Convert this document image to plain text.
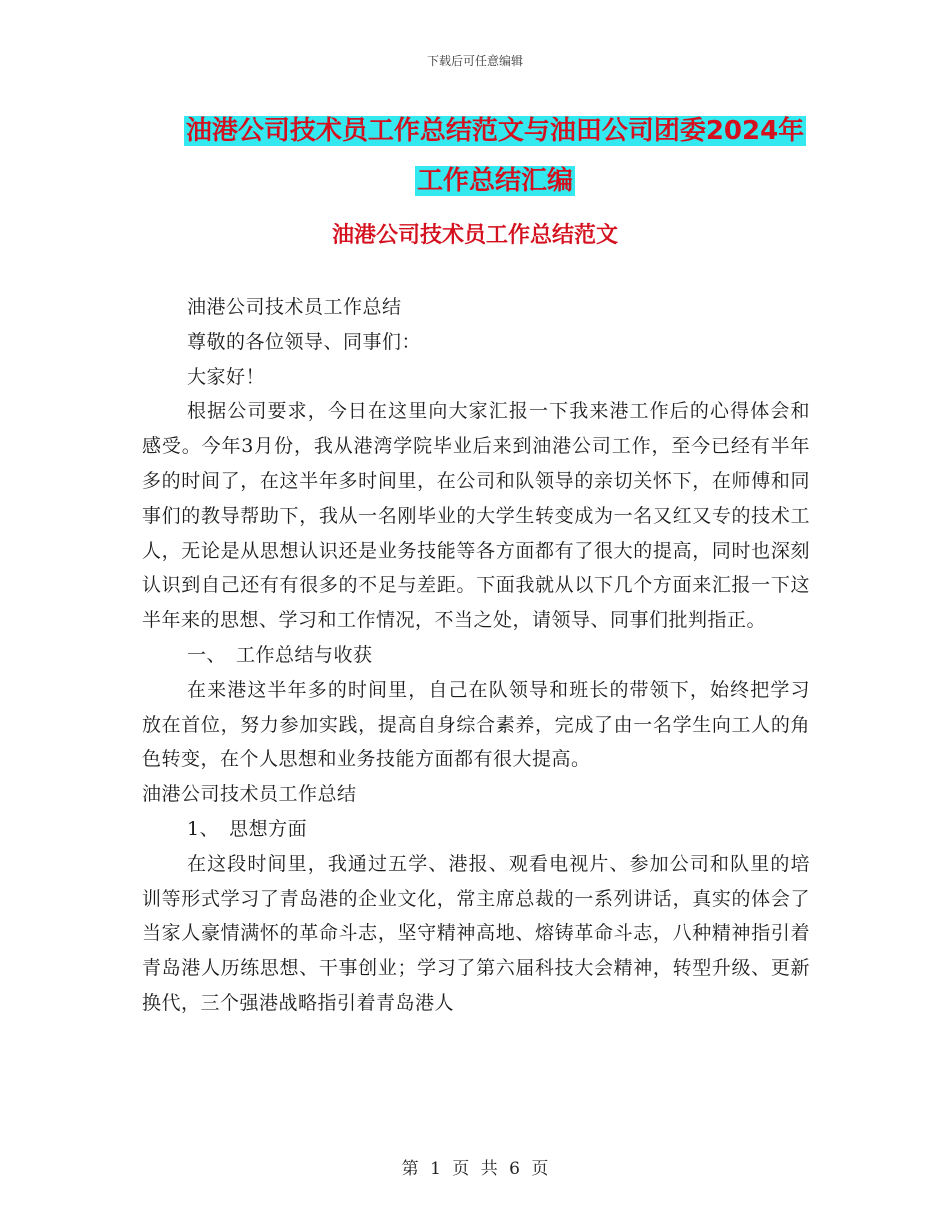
下载后可任意编辑
油港公司技术员工作总结范文与油田公司团委2024年
工作总结汇编
油港公司技术员工作总结范文

油港公司技术员工作总结

尊敬的各位领导、同事们：

大家好！

根据公司要求，今日在这里向大家汇报一下我来港工作后的心得体会和感受。今年3月份，我从港湾学院毕业后来到油港公司工作，至今已经有半年多的时间了，在这半年多时间里，在公司和队领导的亲切关怀下，在师傅和同事们的教导帮助下，我从一名刚毕业的大学生转变成为一名又红又专的技术工人，无论是从思想认识还是业务技能等各方面都有了很大的提高，同时也深刻认识到自己还有有很多的不足与差距。下面我就从以下几个方面来汇报一下这半年来的思想、学习和工作情况，不当之处，请领导、同事们批判指正。

一、　工作总结与收获

在来港这半年多的时间里，自己在队领导和班长的带领下，始终把学习放在首位，努力参加实践，提高自身综合素养，完成了由一名学生向工人的角色转变，在个人思想和业务技能方面都有很大提高。

油港公司技术员工作总结

1、　思想方面

在这段时间里，我通过五学、港报、观看电视片、参加公司和队里的培训等形式学习了青岛港的企业文化，常主席总裁的一系列讲话，真实的体会了当家人豪情满怀的革命斗志，坚守精神高地、熔铸革命斗志，八种精神指引着青岛港人历练思想、干事创业；学习了第六届科技大会精神，转型升级、更新换代，三个强港战略指引着青岛港人

第 1 页 共 6 页
